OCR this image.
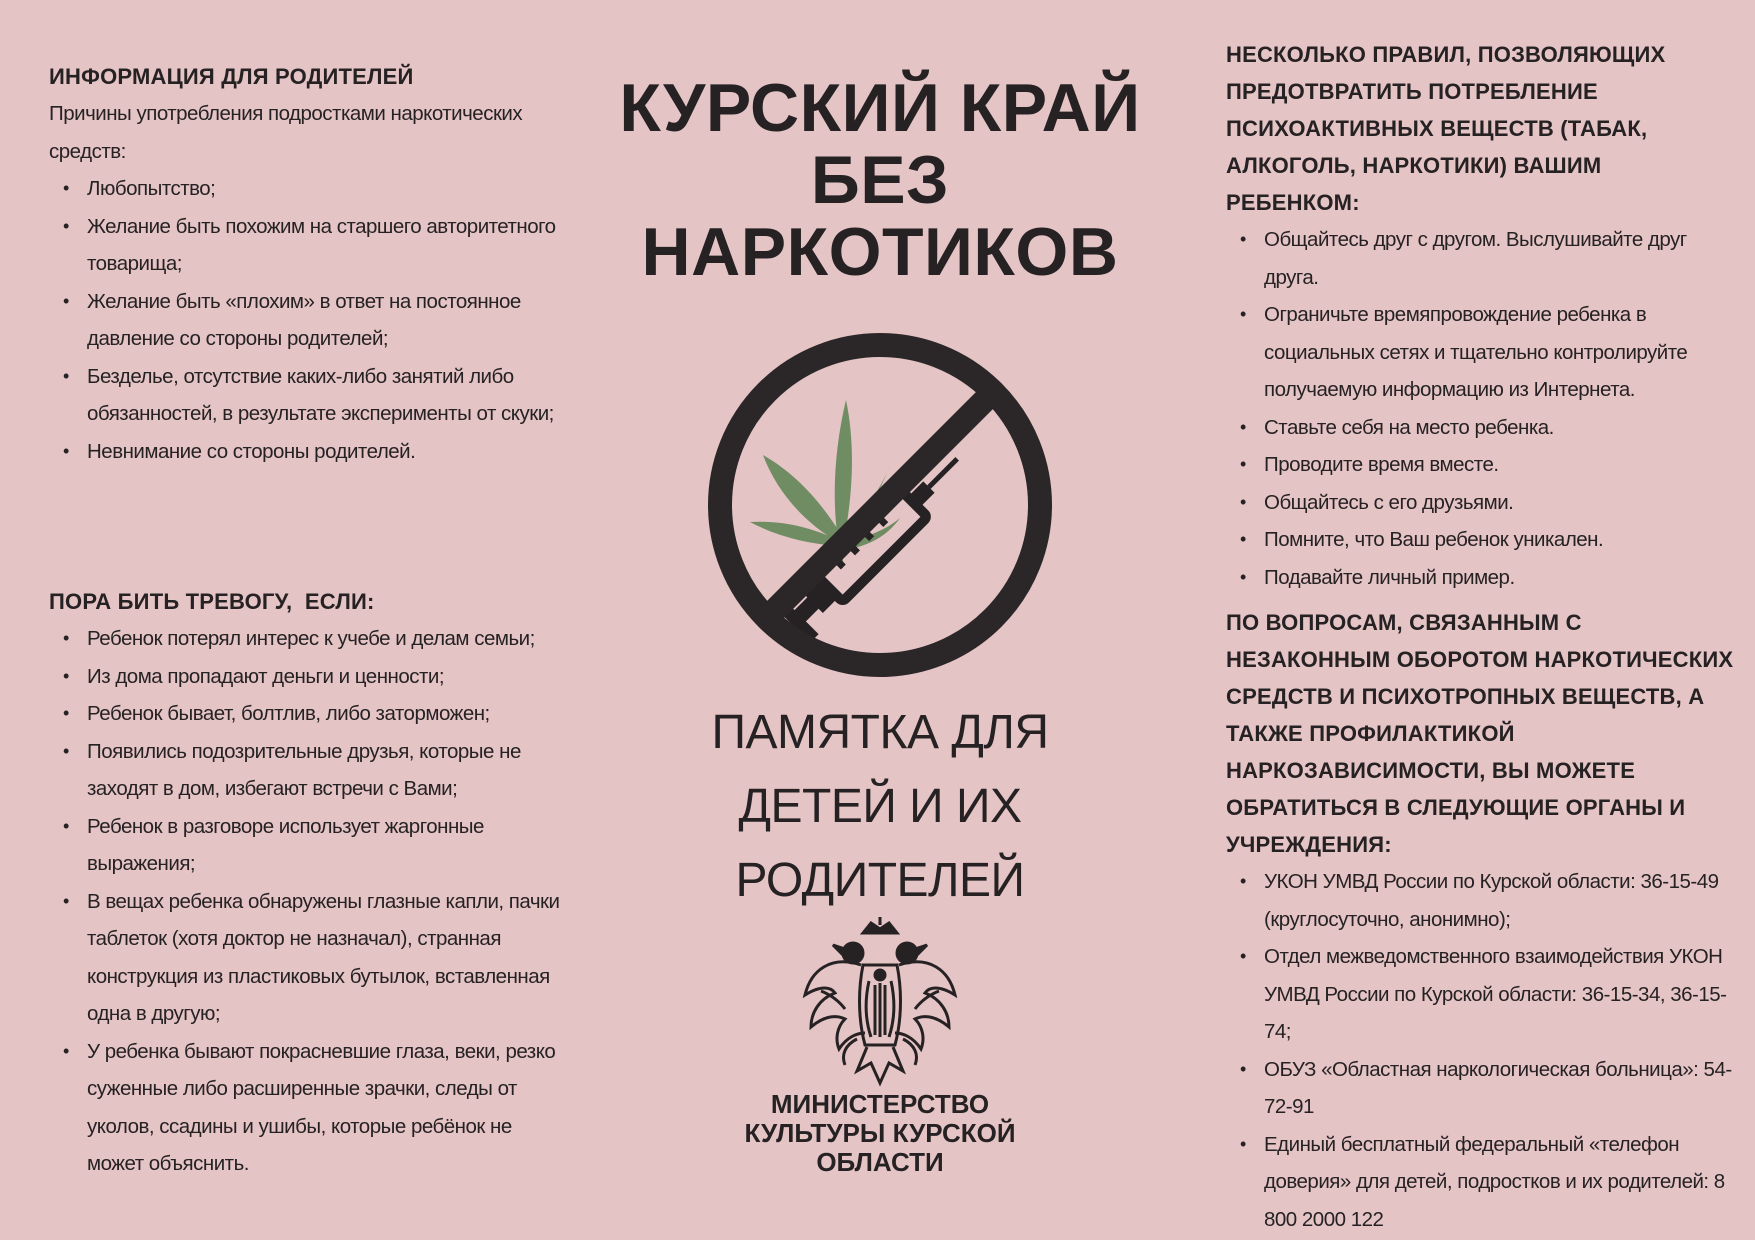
ИНФОРМАЦИЯ ДЛЯ РОДИТЕЛЕЙ

Причины употребления подростками наркотических средств:

• Любопытство;
• Желание быть похожим на старшего авторитетного товарища;
• Желание быть «плохим» в ответ на постоянное давление со стороны родителей;
• Безделье, отсутствие каких-либо занятий либо обязанностей, в результате эксперименты от скуки;
• Невнимание со стороны родителей.
ПОРА БИТЬ ТРЕВОГУ,  ЕСЛИ:
• Ребенок потерял интерес к учебе и делам семьи;
• Из дома пропадают деньги и ценности;
• Ребенок бывает, болтлив, либо заторможен;
• Появились подозрительные друзья, которые не заходят в дом, избегают встречи с Вами;
• Ребенок в разговоре использует жаргонные выражения;
• В вещах ребенка обнаружены глазные капли, пачки таблеток (хотя доктор не назначал), странная конструкция из пластиковых бутылок, вставленная одна в другую;
• У ребенка бывают покрасневшие глаза, веки, резко суженные либо расширенные зрачки, следы от уколов, ссадины и ушибы, которые ребёнок не может объяснить.
КУРСКИЙ КРАЙ
БЕЗ НАРКОТИКОВ

ПАМЯТКА ДЛЯ
ДЕТЕЙ И ИХ РОДИТЕЛЕЙ

МИНИСТЕРСТВО
КУЛЬТУРЫ КУРСКОЙ
ОБЛАСТИ

НЕСКОЛЬКО ПРАВИЛ, ПОЗВОЛЯЮЩИХ ПРЕДОТВРАТИТЬ ПОТРЕБЛЕНИЕ ПСИХОАКТИВНЫХ ВЕЩЕСТВ (ТАБАК, АЛКОГОЛЬ, НАРКОТИКИ) ВАШИМ РЕБЕНКОМ:
• Общайтесь друг с другом. Выслушивайте друг друга.
• Ограничьте времяпровождение ребенка в социальных сетях и тщательно контролируйте получаемую информацию из Интернета.
• Ставьте себя на место ребенка.
• Проводите время вместе.
• Общайтесь с его друзьями.
• Помните, что Ваш ребенок уникален.
• Подавайте личный пример.
ПО ВОПРОСАМ, СВЯЗАННЫМ С НЕЗАКОННЫМ ОБОРОТОМ НАРКОТИЧЕСКИХ СРЕДСТВ И ПСИХОТРОПНЫХ ВЕЩЕСТВ, А ТАКЖЕ ПРОФИЛАКТИКОЙ НАРКОЗАВИСИМОСТИ, ВЫ МОЖЕТЕ ОБРАТИТЬСЯ В СЛЕДУЮЩИЕ ОРГАНЫ И УЧРЕЖДЕНИЯ:
• УКОН УМВД России по Курской области: 36-15-49 (круглосуточно, анонимно);
• Отдел межведомственного взаимодействия УКОН УМВД России по Курской области: 36-15-34, 36-15-74;
• ОБУЗ «Областная наркологическая больница»: 54-72-91
• Единый бесплатный федеральный «телефон доверия» для детей, подростков и их родителей: 8 800 2000 122
